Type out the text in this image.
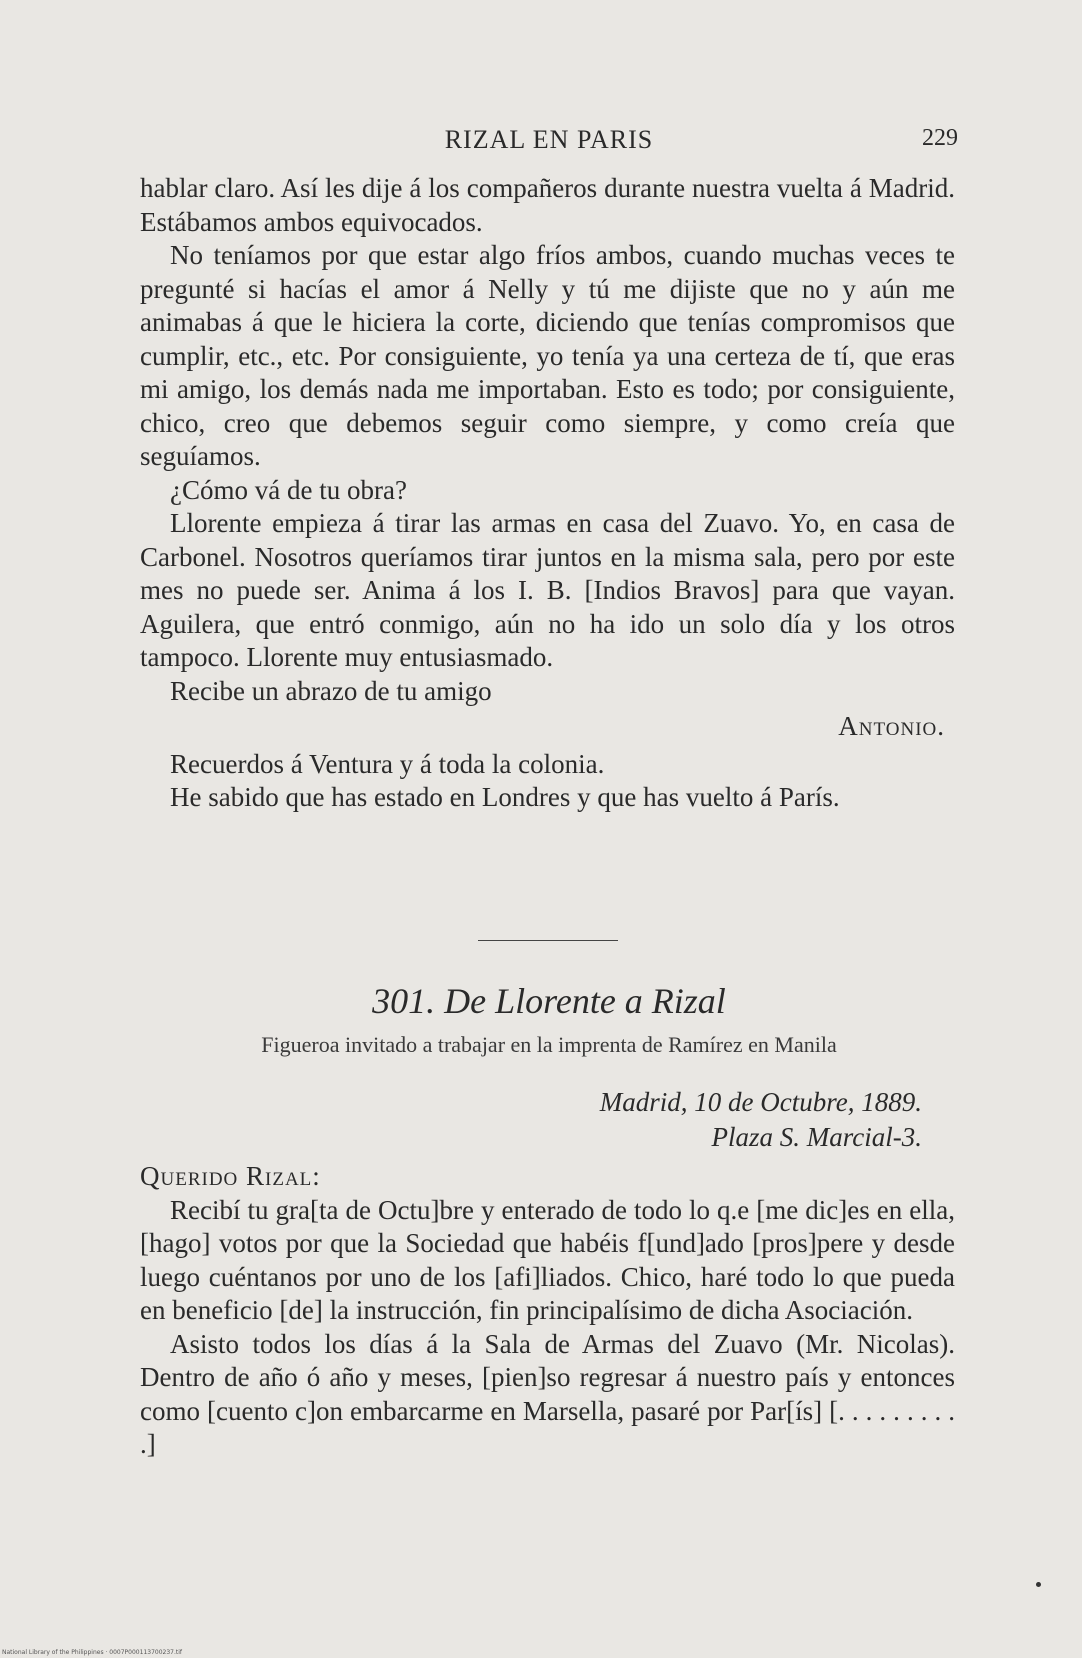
RIZAL EN PARIS	229

hablar claro. Así les dije á los compañeros durante nuestra vuelta á Madrid. Estábamos ambos equivocados.

No teníamos por que estar algo fríos ambos, cuando muchas veces te pregunté si hacías el amor á Nelly y tú me dijiste que no y aún me animabas á que le hiciera la corte, diciendo que tenías compromisos que cumplir, etc., etc. Por consiguiente, yo tenía ya una certeza de tí, que eras mi amigo, los demás nada me importaban. Esto es todo; por consiguiente, chico, creo que debemos seguir como siempre, y como creía que seguíamos.

¿Cómo vá de tu obra?

Llorente empieza á tirar las armas en casa del Zuavo. Yo, en casa de Carbonel. Nosotros queríamos tirar juntos en la misma sala, pero por este mes no puede ser. Anima á los I. B. [Indios Bravos] para que vayan. Aguilera, que entró conmigo, aún no ha ido un solo día y los otros tampoco. Llorente muy entusiasmado.

Recibe un abrazo de tu amigo

Antonio.

Recuerdos á Ventura y á toda la colonia.

He sabido que has estado en Londres y que has vuelto á París.

301. De Llorente a Rizal
Figueroa invitado a trabajar en la imprenta de Ramírez en Manila
Madrid, 10 de Octubre, 1889.
Plaza S. Marcial-3.

Querido Rizal:

Recibí tu gra[ta de Octu]bre y enterado de todo lo q.e [me dic]es en ella, [hago] votos por que la Sociedad que habéis f[und]ado [pros]pere y desde luego cuéntanos por uno de los [afi]liados. Chico, haré todo lo que pueda en beneficio [de] la instrucción, fin principalísimo de dicha Asociación.

Asisto todos los días á la Sala de Armas del Zuavo (Mr. Nicolas). Dentro de año ó año y meses, [pien]so regresar á nuestro país y entonces como [cuento c]on embarcarme en Marsella, pasaré por Par[ís] [. . . . . . . . . .]

National Library of the Philippines · 0007P000113700237.tif
